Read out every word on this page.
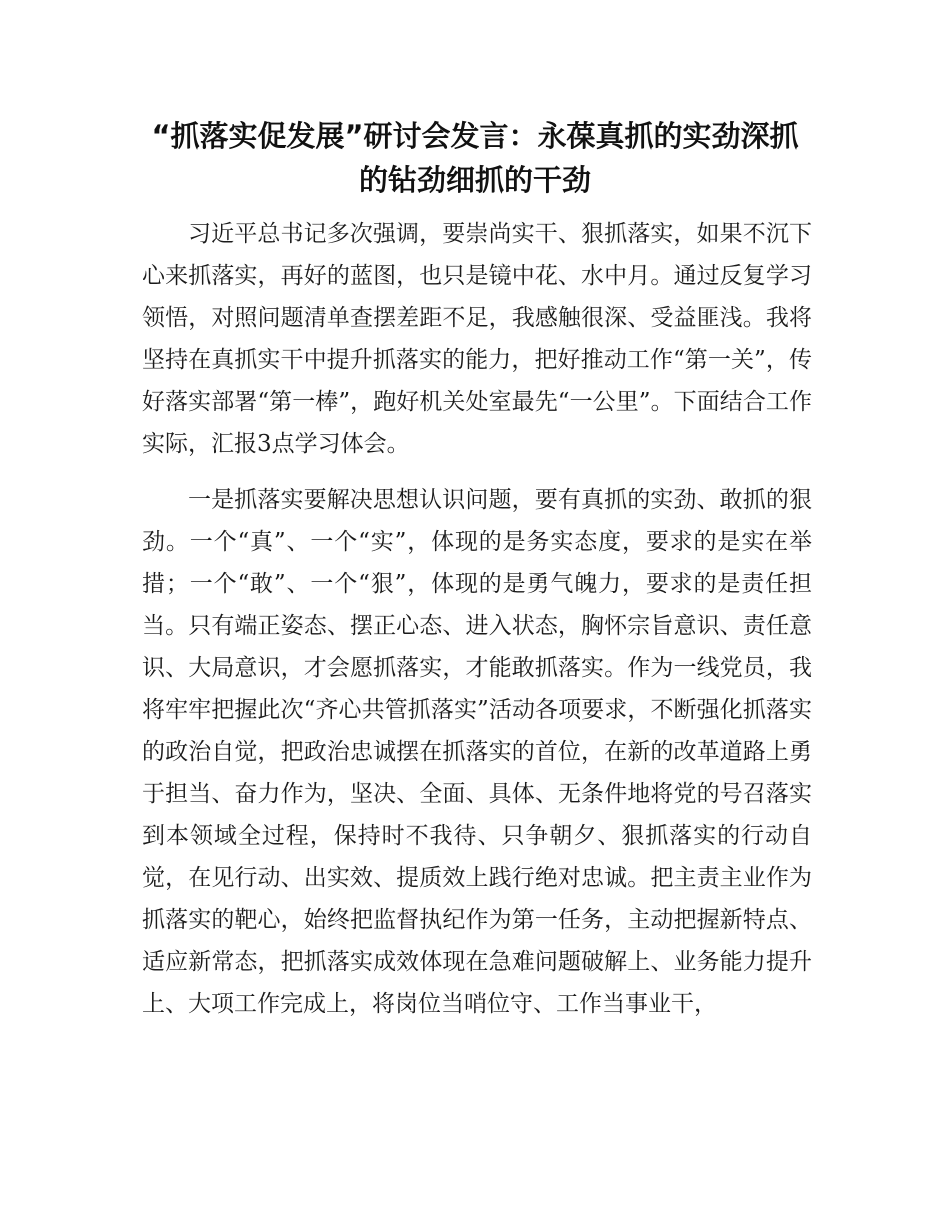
“抓落实促发展”研讨会发言：永葆真抓的实劲深抓的钻劲细抓的干劲

习近平总书记多次强调，要崇尚实干、狠抓落实，如果不沉下心来抓落实，再好的蓝图，也只是镜中花、水中月。通过反复学习领悟，对照问题清单查摆差距不足，我感触很深、受益匪浅。我将坚持在真抓实干中提升抓落实的能力，把好推动工作“第一关”，传好落实部署“第一棒”，跑好机关处室最先“一公里”。下面结合工作实际，汇报3点学习体会。

一是抓落实要解决思想认识问题，要有真抓的实劲、敢抓的狠劲。一个“真”、一个“实”，体现的是务实态度，要求的是实在举措；一个“敢”、一个“狠”，体现的是勇气魄力，要求的是责任担当。只有端正姿态、摆正心态、进入状态，胸怀宗旨意识、责任意识、大局意识，才会愿抓落实，才能敢抓落实。作为一线党员，我将牢牢把握此次“齐心共管抓落实”活动各项要求，不断强化抓落实的政治自觉，把政治忠诚摆在抓落实的首位，在新的改革道路上勇于担当、奋力作为，坚决、全面、具体、无条件地将党的号召落实到本领域全过程，保持时不我待、只争朝夕、狠抓落实的行动自觉，在见行动、出实效、提质效上践行绝对忠诚。把主责主业作为抓落实的靶心，始终把监督执纪作为第一任务，主动把握新特点、适应新常态，把抓落实成效体现在急难问题破解上、业务能力提升上、大项工作完成上，将岗位当哨位守、工作当事业干，
